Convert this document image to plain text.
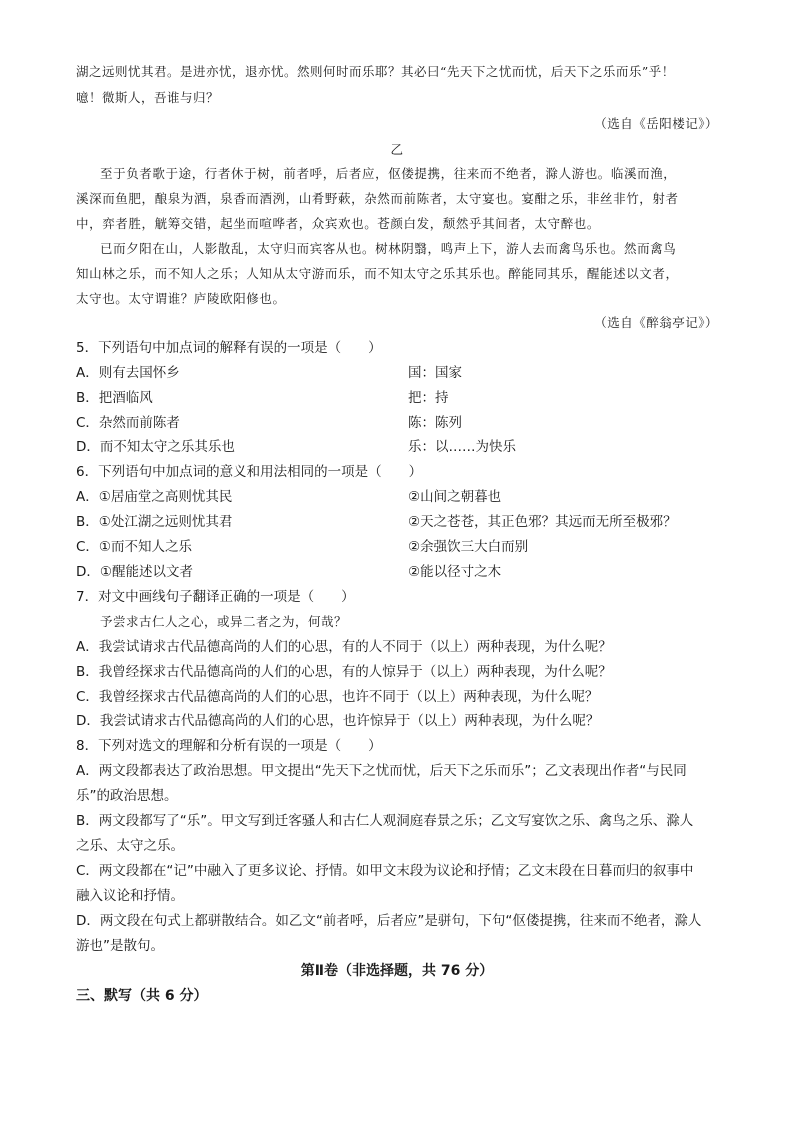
湖之远则忧其君。是进亦忧，退亦忧。然则何时而乐耶？其必曰“先天下之忧而忧，后天下之乐而乐”乎！
噫！微斯人，吾谁与归？
（选自《岳阳楼记》）
乙
至于负者歌于途，行者休于树，前者呼，后者应，伛偻提携，往来而不绝者，滁人游也。临溪而渔，
溪深而鱼肥，酿泉为酒，泉香而酒洌，山肴野蔌，杂然而前陈者，太守宴也。宴酣之乐，非丝非竹，射者
中，弈者胜，觥筹交错，起坐而喧哗者，众宾欢也。苍颜白发，颓然乎其间者，太守醉也。
已而夕阳在山，人影散乱，太守归而宾客从也。树林阴翳，鸣声上下，游人去而禽鸟乐也。然而禽鸟
知山林之乐，而不知人之乐；人知从太守游而乐，而不知太守之乐其乐也。醉能同其乐，醒能述以文者，
太守也。太守谓谁？庐陵欧阳修也。
（选自《醉翁亭记》）
5．下列语句中加点词的解释有误的一项是（　　）
A．则有去国怀乡	国：国家
B．把酒临风	把：持
C．杂然而前陈者	陈：陈列
D．而不知太守之乐其乐也	乐：以……为快乐
6．下列语句中加点词的意义和用法相同的一项是（　　）
A．①居庙堂之高则忧其民	②山间之朝暮也
B．①处江湖之远则忧其君	②天之苍苍，其正色邪？其远而无所至极邪？
C．①而不知人之乐	②余强饮三大白而别
D．①醒能述以文者	②能以径寸之木
7．对文中画线句子翻译正确的一项是（　　）
予尝求古仁人之心，或异二者之为，何哉？
A．我尝试请求古代品德高尚的人们的心思，有的人不同于（以上）两种表现，为什么呢？
B．我曾经探求古代品德高尚的人们的心思，有的人惊异于（以上）两种表现，为什么呢？
C．我曾经探求古代品德高尚的人们的心思，也许不同于（以上）两种表现，为什么呢？
D．我尝试请求古代品德高尚的人们的心思，也许惊异于（以上）两种表现，为什么呢？
8．下列对选文的理解和分析有误的一项是（　　）
A．两文段都表达了政治思想。甲文提出“先天下之忧而忧，后天下之乐而乐”；乙文表现出作者“与民同
乐”的政治思想。
B．两文段都写了“乐”。甲文写到迁客骚人和古仁人观洞庭春景之乐；乙文写宴饮之乐、禽鸟之乐、滁人
之乐、太守之乐。
C．两文段都在“记”中融入了更多议论、抒情。如甲文末段为议论和抒情；乙文末段在日暮而归的叙事中
融入议论和抒情。
D．两文段在句式上都骈散结合。如乙文“前者呼，后者应”是骈句，下句“伛偻提携，往来而不绝者，滁人
游也”是散句。
第Ⅱ卷（非选择题，共 76 分）
三、默写（共 6 分）
